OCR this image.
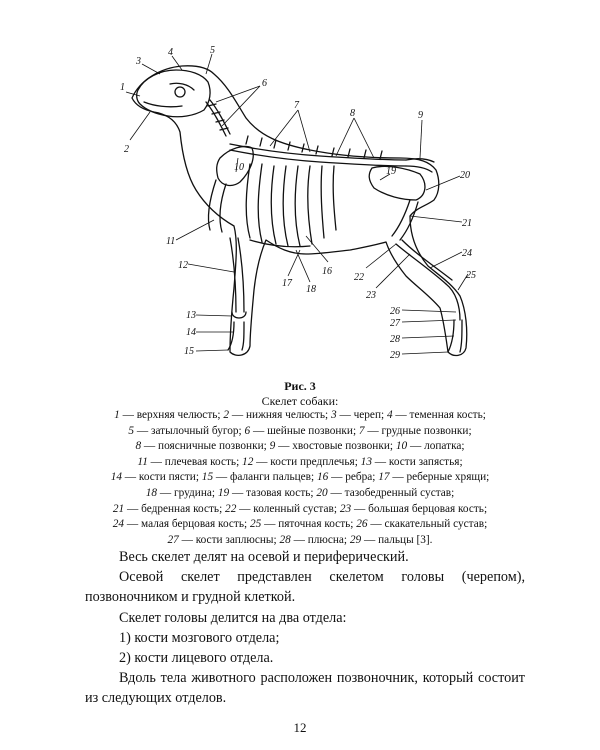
1
2
3
4	5
6
7
8	9
10
11
12
13
14
15
16
17
18
19	20
21
22
23
24
25
26
27
28
29
Рис. 3
Скелет собаки:
1 — верхняя челюсть; 2 — нижняя челюсть; 3 — череп; 4 — теменная кость;
5 — затылочный бугор; 6 — шейные позвонки; 7 — грудные позвонки;
8 — поясничные позвонки; 9 — хвостовые позвонки; 10 — лопатка;
11 — плечевая кость; 12 — кости предплечья; 13 — кости запястья;
14 — кости пясти; 15 — фаланги пальцев; 16 — ребра; 17 — реберные хрящи;
18 — грудина; 19 — тазовая кость; 20 — тазобедренный сустав;
21 — бедренная кость; 22 — коленный сустав; 23 — большая берцовая кость;
24 — малая берцовая кость; 25 — пяточная кость; 26 — скакательный сустав;
27 — кости заплюсны; 28 — плюсна; 29 — пальцы [3].

Весь скелет делят на осевой и периферический.

Осевой скелет представлен скелетом головы (черепом), позвоночником и грудной клеткой.

Скелет головы делится на два отдела:

1) кости мозгового отдела;

2) кости лицевого отдела.

Вдоль тела животного расположен позвоночник, который состоит из следующих отделов.

12
